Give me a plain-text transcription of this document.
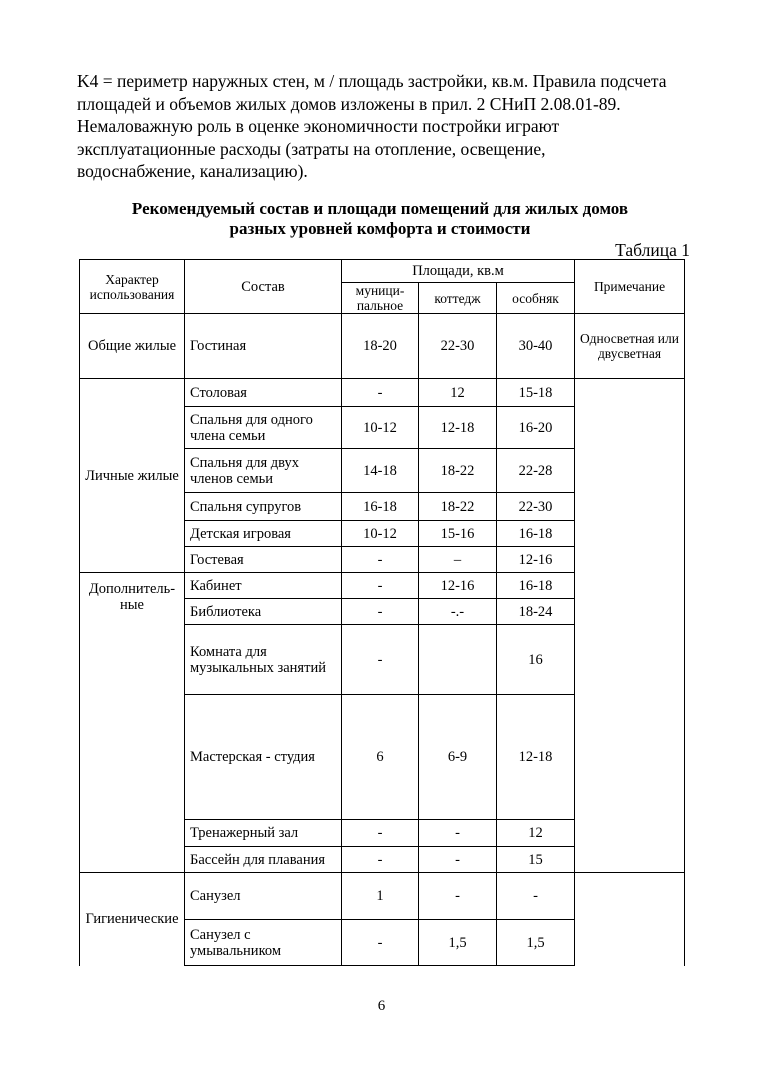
K4 = периметр наружных стен, м / площадь застройки, кв.м. Правила подсчета
площадей и объемов жилых домов изложены в прил. 2 СНиП 2.08.01-89.
Немаловажную роль в оценке экономичности постройки играют
эксплуатационные расходы (затраты на отопление, освещение,
водоснабжение, канализацию).
Рекомендуемый состав и площади помещений для жилых домов
разных уровней комфорта и стоимости
Таблица 1
Характер использования	Состав	Площади, кв.м			Примечание	
		муници-пальное	коттедж	особняк		
Общие жилые	Гостиная	18-20	22-30	30-40	Односветная или двусветная	
Личные жилые	Столовая	-	12	15-18		
	Спальня для одного члена семьи	10-12	12-18	16-20		
	Спальня для двух членов семьи	14-18	18-22	22-28		
	Спальня супругов	16-18	18-22	22-30		
	Детская игровая	10-12	15-16	16-18		
	Гостевая	-	–	12-16		
Дополнитель-ные	Кабинет	-	12-16	16-18		
	Библиотека	-	-.-	18-24		
	Комната для музыкальных занятий	-		16		
	Мастерская - студия	6	6-9	12-18	
	Тренажерный зал	-	-	12		
	Бассейн для плавания	-	-	15		
Гигиенические	Санузел	1	-	-		
	Санузел с умывальником	-	1,5	1,5		
6
